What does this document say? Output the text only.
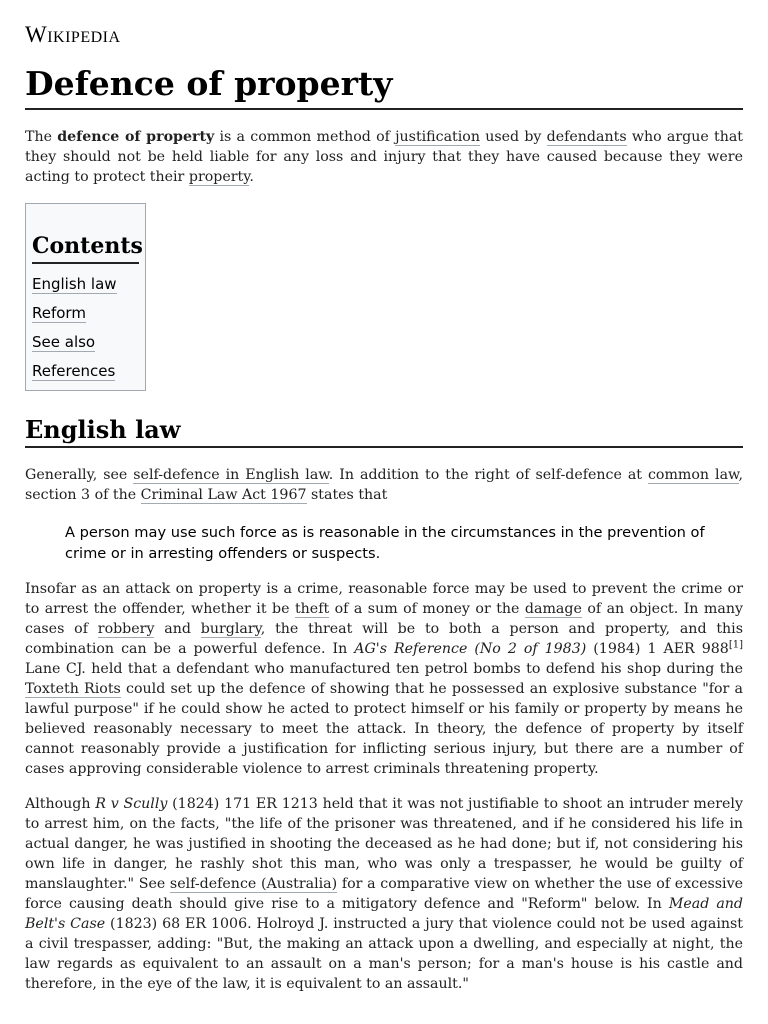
Wikipedia
Defence of property

The defence of property is a common method of justification used by defendants who argue that they should not be held liable for any loss and injury that they have caused because they were acting to protect their property.

Contents
English law
Reform
See also
References
English law

Generally, see self-defence in English law. In addition to the right of self-defence at common law, section 3 of the Criminal Law Act 1967 states that

A person may use such force as is reasonable in the circumstances in the prevention of crime or in arresting offenders or suspects.

Insofar as an attack on property is a crime, reasonable force may be used to prevent the crime or to arrest the offender, whether it be theft of a sum of money or the damage of an object. In many cases of robbery and burglary, the threat will be to both a person and property, and this combination can be a powerful defence. In AG's Reference (No 2 of 1983) (1984) 1 AER 988[1] Lane CJ. held that a defendant who manufactured ten petrol bombs to defend his shop during the Toxteth Riots could set up the defence of showing that he possessed an explosive substance "for a lawful purpose" if he could show he acted to protect himself or his family or property by means he believed reasonably necessary to meet the attack. In theory, the defence of property by itself cannot reasonably provide a justification for inflicting serious injury, but there are a number of cases approving considerable violence to arrest criminals threatening property.

Although R v Scully (1824) 171 ER 1213 held that it was not justifiable to shoot an intruder merely to arrest him, on the facts, "the life of the prisoner was threatened, and if he considered his life in actual danger, he was justified in shooting the deceased as he had done; but if, not considering his own life in danger, he rashly shot this man, who was only a trespasser, he would be guilty of manslaughter." See self-defence (Australia) for a comparative view on whether the use of excessive force causing death should give rise to a mitigatory defence and "Reform" below. In Mead and Belt's Case (1823) 68 ER 1006. Holroyd J. instructed a jury that violence could not be used against a civil trespasser, adding: "But, the making an attack upon a dwelling, and especially at night, the law regards as equivalent to an assault on a man's person; for a man's house is his castle and therefore, in the eye of the law, it is equivalent to an assault."
